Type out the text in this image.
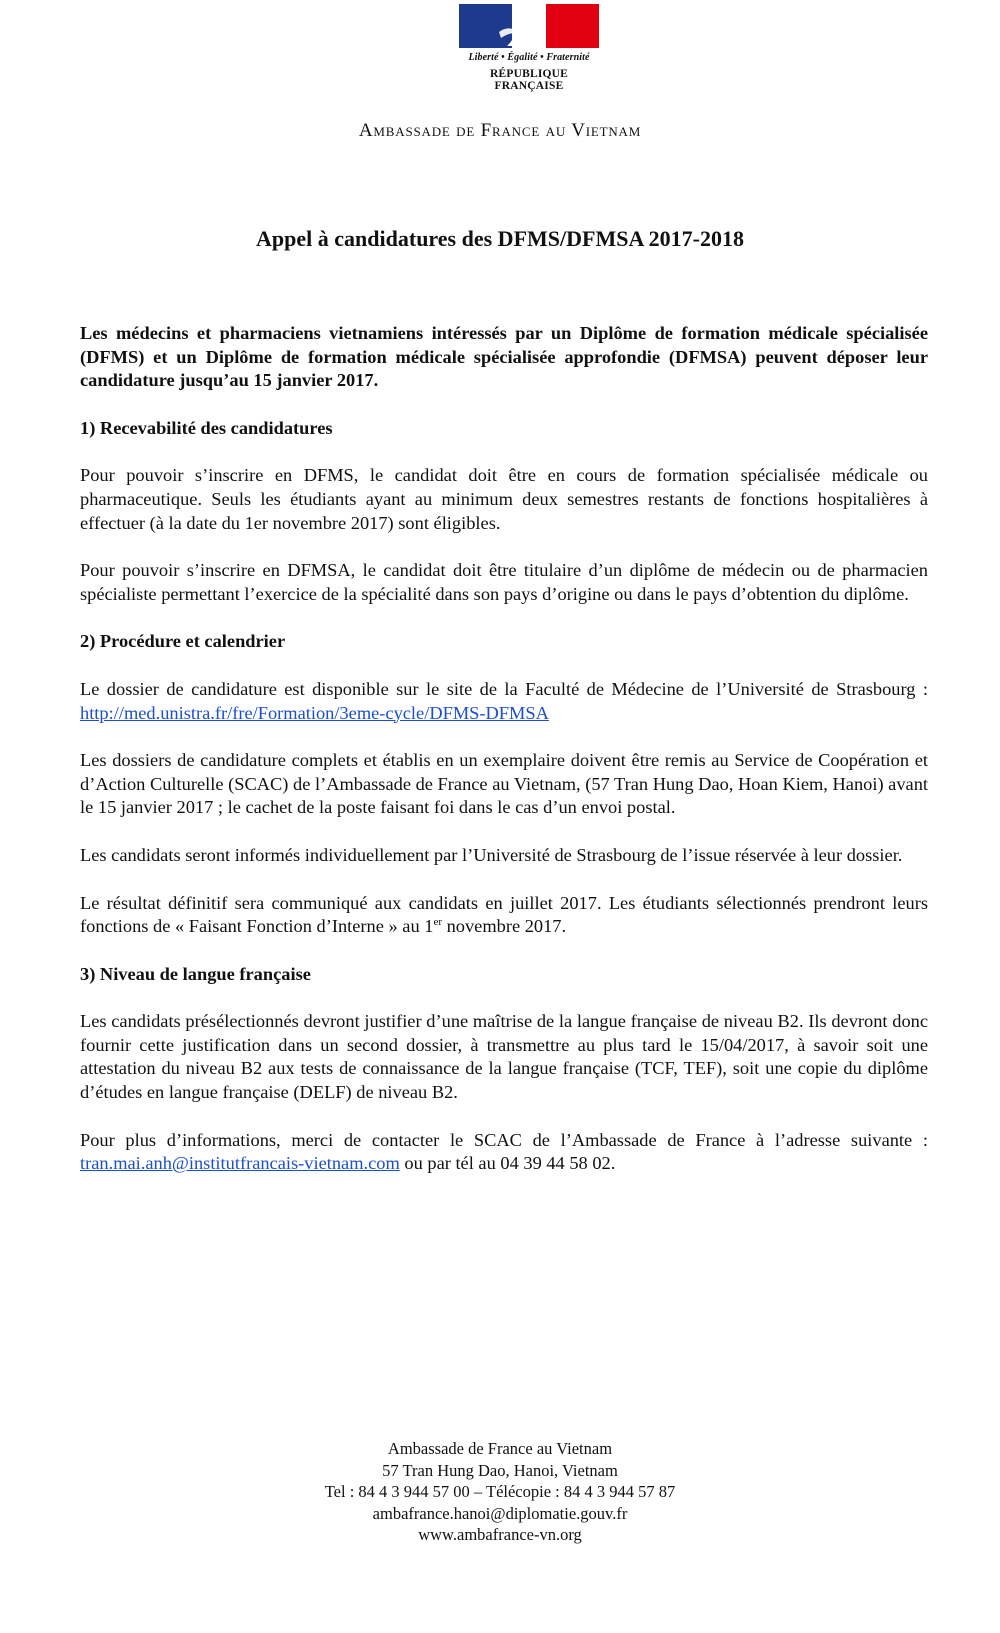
Liberté • Égalité • Fraternité
RÉPUBLIQUE FRANÇAISE
Ambassade de France au Vietnam
Appel à candidatures des DFMS/DFMSA 2017-2018

Les médecins et pharmaciens vietnamiens intéressés par un Diplôme de formation médicale spécialisée (DFMS) et un Diplôme de formation médicale spécialisée approfondie (DFMSA) peuvent déposer leur candidature jusqu’au 15 janvier 2017.

1) Recevabilité des candidatures

Pour pouvoir s’inscrire en DFMS, le candidat doit être en cours de formation spécialisée médicale ou pharmaceutique. Seuls les étudiants ayant au minimum deux semestres restants de fonctions hospitalières à effectuer (à la date du 1er novembre 2017) sont éligibles.

Pour pouvoir s’inscrire en DFMSA, le candidat doit être titulaire d’un diplôme de médecin ou de pharmacien spécialiste permettant l’exercice de la spécialité dans son pays d’origine ou dans le pays d’obtention du diplôme.

2) Procédure et calendrier

Le dossier de candidature est disponible sur le site de la Faculté de Médecine de l’Université de Strasbourg : http://med.unistra.fr/fre/Formation/3eme-cycle/DFMS-DFMSA

Les dossiers de candidature complets et établis en un exemplaire doivent être remis au Service de Coopération et d’Action Culturelle (SCAC) de l’Ambassade de France au Vietnam, (57 Tran Hung Dao, Hoan Kiem, Hanoi) avant le 15 janvier 2017 ; le cachet de la poste faisant foi dans le cas d’un envoi postal.

Les candidats seront informés individuellement par l’Université de Strasbourg de l’issue réservée à leur dossier.

Le résultat définitif sera communiqué aux candidats en juillet 2017. Les étudiants sélectionnés prendront leurs fonctions de « Faisant Fonction d’Interne » au 1er novembre 2017.

3) Niveau de langue française

Les candidats présélectionnés devront justifier d’une maîtrise de la langue française de niveau B2. Ils devront donc fournir cette justification dans un second dossier, à transmettre au plus tard le 15/04/2017, à savoir soit une attestation du niveau B2 aux tests de connaissance de la langue française (TCF, TEF), soit une copie du diplôme d’études en langue française (DELF) de niveau B2.

Pour plus d’informations, merci de contacter le SCAC de l’Ambassade de France à l’adresse suivante : tran.mai.anh@institutfrancais-vietnam.com ou par tél au 04 39 44 58 02.

Ambassade de France au Vietnam
57 Tran Hung Dao, Hanoi, Vietnam
Tel : 84 4 3 944 57 00 – Télécopie : 84 4 3 944 57 87
ambafrance.hanoi@diplomatie.gouv.fr
www.ambafrance-vn.org
